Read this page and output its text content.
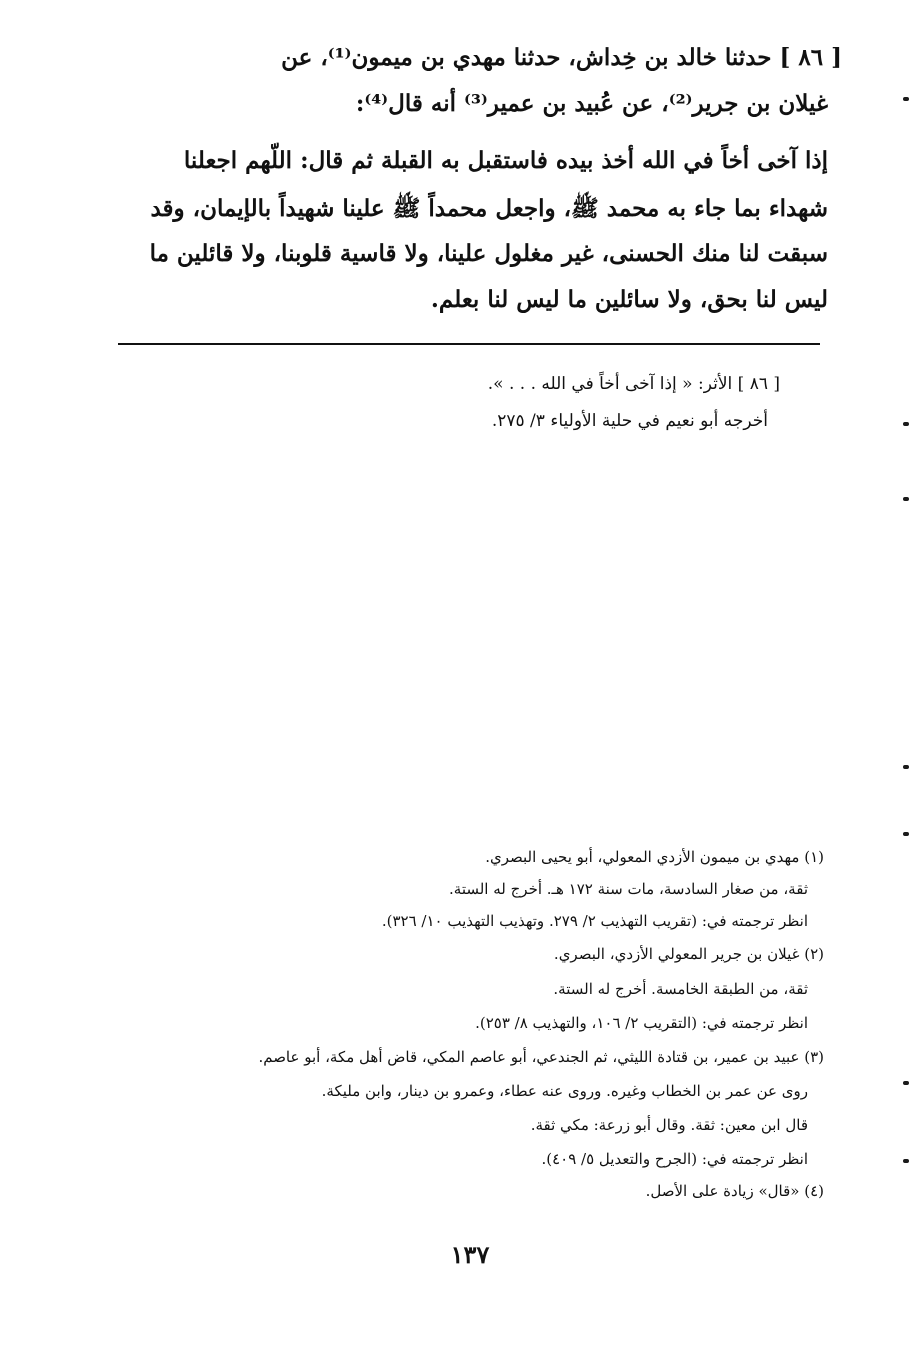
[ ٨٦ ] حدثنا خالد بن خِداش، حدثنا مهدي بن ميمون⁽¹⁾، عن
غيلان بن جرير⁽²⁾، عن عُبيد بن عمير⁽³⁾ أنه قال⁽⁴⁾:
إذا آخى أخاً في الله أخذ بيده فاستقبل به القبلة ثم قال: اللّهم اجعلنا
شهداء بما جاء به محمد ﷺ، واجعل محمداً ﷺ علينا شهيداً بالإيمان، وقد
سبقت لنا منك الحسنى، غير مغلول علينا، ولا قاسية قلوبنا، ولا قائلين ما
ليس لنا بحق، ولا سائلين ما ليس لنا بعلم.
[ ٨٦ ] الأثر: « إذا آخى أخاً في الله . . . ».
أخرجه أبو نعيم في حلية الأولياء ٣/ ٢٧٥.
(١) مهدي بن ميمون الأزدي المعولي، أبو يحيى البصري.
ثقة، من صغار السادسة، مات سنة ١٧٢ هـ. أخرج له الستة.
انظر ترجمته في: (تقريب التهذيب ٢/ ٢٧٩. وتهذيب التهذيب ١٠/ ٣٢٦).
(٢) غيلان بن جرير المعولي الأزدي، البصري.
ثقة، من الطبقة الخامسة. أخرج له الستة.
انظر ترجمته في: (التقريب ٢/ ١٠٦، والتهذيب ٨/ ٢٥٣).
(٣) عبيد بن عمير، بن قتادة الليثي، ثم الجندعي، أبو عاصم المكي، قاض أهل مكة، أبو عاصم.
روى عن عمر بن الخطاب وغيره. وروى عنه عطاء، وعمرو بن دينار، وابن مليكة.
قال ابن معين: ثقة. وقال أبو زرعة: مكي ثقة.
انظر ترجمته في: (الجرح والتعديل ٥/ ٤٠٩).
(٤) «قال» زيادة على الأصل.
١٣٧
